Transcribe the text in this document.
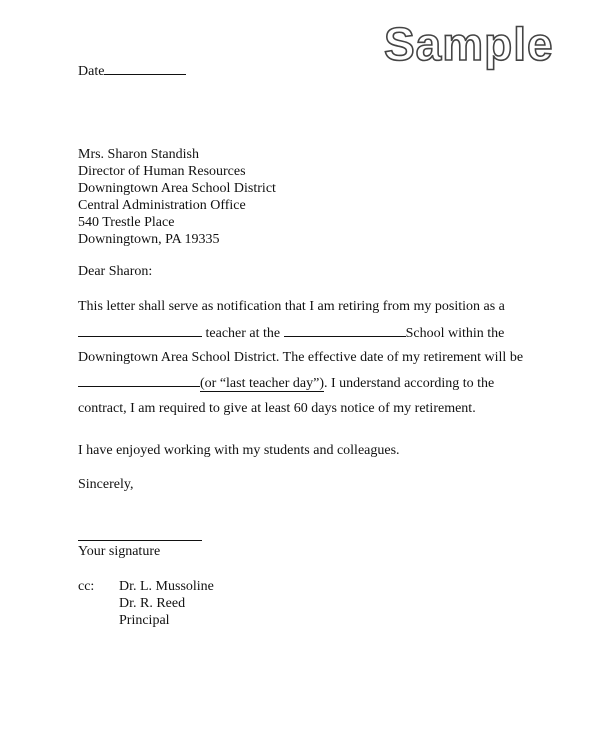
Sample
Date
Mrs. Sharon Standish
Director of Human Resources
Downingtown Area School District
Central Administration Office
540 Trestle Place
Downingtown, PA 19335
Dear Sharon:
This letter shall serve as notification that I am retiring from my position as a
teacher at the	School within the
Downingtown Area School District. The effective date of my retirement will be
(or “last teacher day”). I understand according to the
contract, I am required to give at least 60 days notice of my retirement.
I have enjoyed working with my students and colleagues.
Sincerely,
Your signature
cc: Dr. L. Mussoline
Dr. R. Reed
Principal
